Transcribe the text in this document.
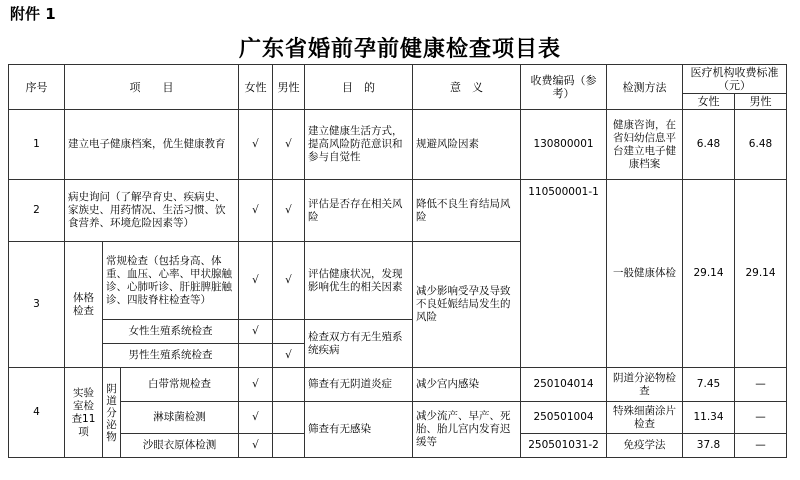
附件 1
广东省婚前孕前健康检查项目表
序号	项　　目			女性	男性	目　的	意　义	收费编码（参考）	检测方法	医疗机构收费标准（元）	
										女性	男性
1	建立电子健康档案，优生健康教育			√	√	建立健康生活方式，提高风险防范意识和参与自觉性	规避风险因素	130800001	健康咨询，在省妇幼信息平台建立电子健康档案	6.48	6.48
2	病史询问（了解孕育史、疾病史、家族史、用药情况、生活习惯、饮食营养、环境危险因素等）			√	√	评估是否存在相关风险	降低不良生育结局风险	110500001-1	一般健康体检	29.14	29.14
3	体格检查	常规检查（包括身高、体重、血压、心率、甲状腺触诊、心肺听诊、肝脏脾脏触诊、四肢脊柱检查等）		√	√	评估健康状况，发现影响优生的相关因素	减少影响受孕及导致不良妊娠结局发生的风险				
		女性生殖系统检查		√		检查双方有无生殖系统疾病					
		男性生殖系统检查			√						
4	实验室检查11项	阴道分泌物	白带常规检查	√		筛查有无阴道炎症	减少宫内感染	250104014	阴道分泌物检查	7.45	—
			淋球菌检测	√		筛查有无感染	减少流产、早产、死胎、胎儿宫内发育迟缓等	250501004	特殊细菌涂片检查	11.34	—
			沙眼衣原体检测	√				250501031-2	免疫学法	37.8	—
